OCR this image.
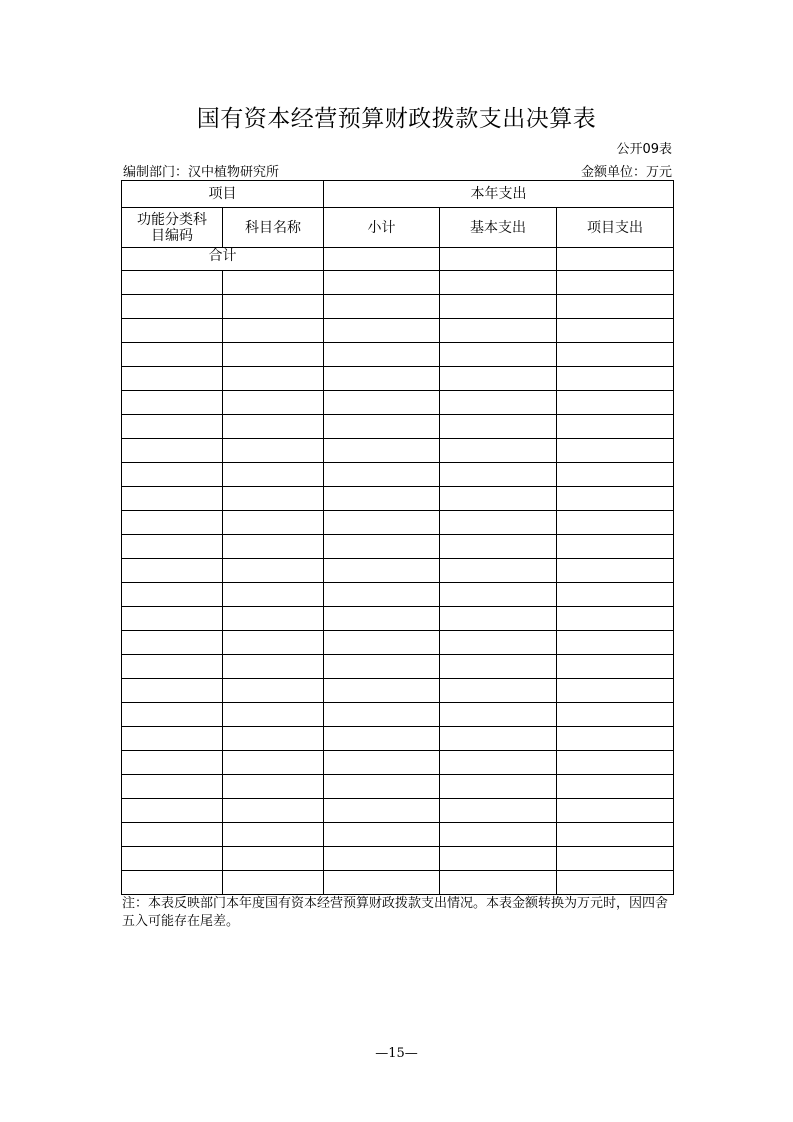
国有资本经营预算财政拨款支出决算表
公开09表
编制部门：汉中植物研究所	金额单位：万元
项目		本年支出		

功能分类科目编码	科目名称	小计	基本支出	项目支出
合计				

注：本表反映部门本年度国有资本经营预算财政拨款支出情况。本表金额转换为万元时，因四舍五入可能存在尾差。
—15—
